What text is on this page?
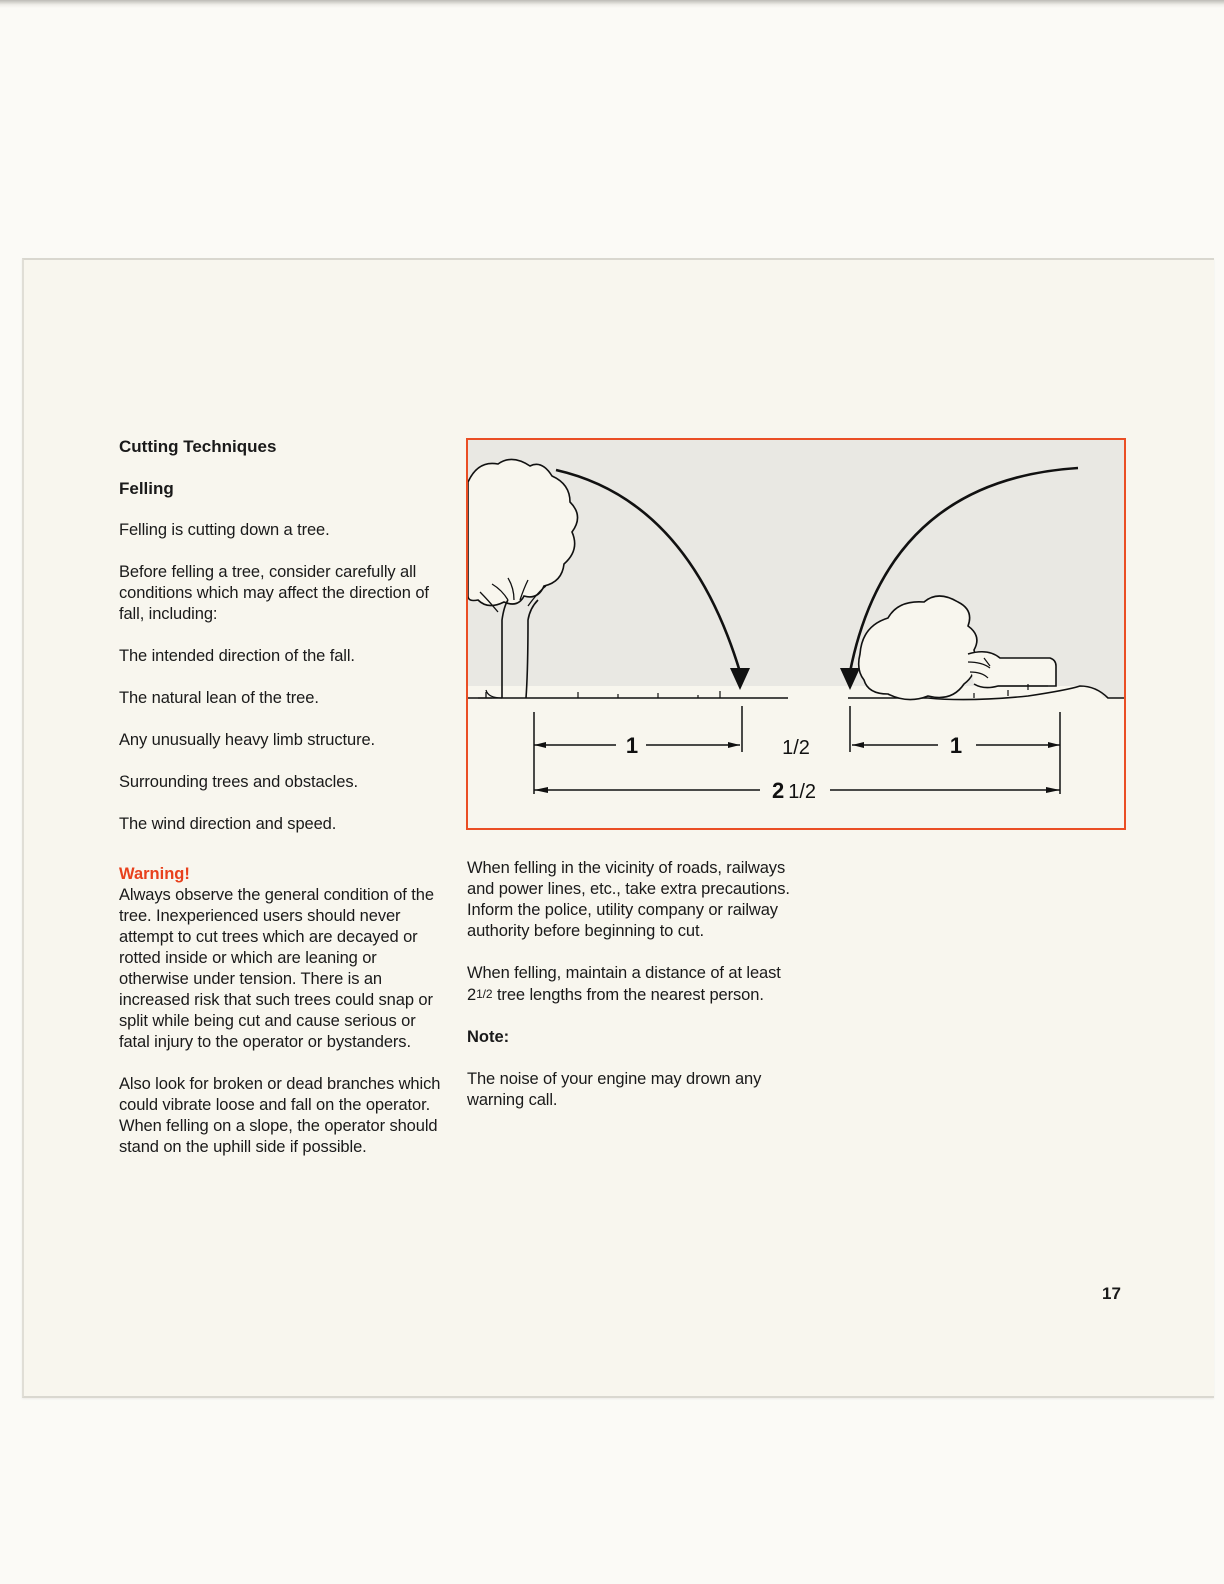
Cutting Techniques
Felling

Felling is cutting down a tree.

Before felling a tree, consider carefully all conditions which may affect the direction of fall, including:

The intended direction of the fall.

The natural lean of the tree.

Any unusually heavy limb structure.

Surrounding trees and obstacles.

The wind direction and speed.

Warning!

Always observe the general condition of the tree. Inexperienced users should never attempt to cut trees which are decayed or rotted inside or which are leaning or otherwise under tension. There is an increased risk that such trees could snap or split while being cut and cause serious or fatal injury to the operator or bystanders.

Also look for broken or dead branches which could vibrate loose and fall on the operator. When felling on a slope, the operator should stand on the uphill side if possible.

1	1/2	1
2 1/2

When felling in the vicinity of roads, railways and power lines, etc., take extra precautions. Inform the police, utility company or railway authority before beginning to cut.

When felling, maintain a distance of at least 21/2 tree lengths from the nearest person.

Note:

The noise of your engine may drown any warning call.

17
